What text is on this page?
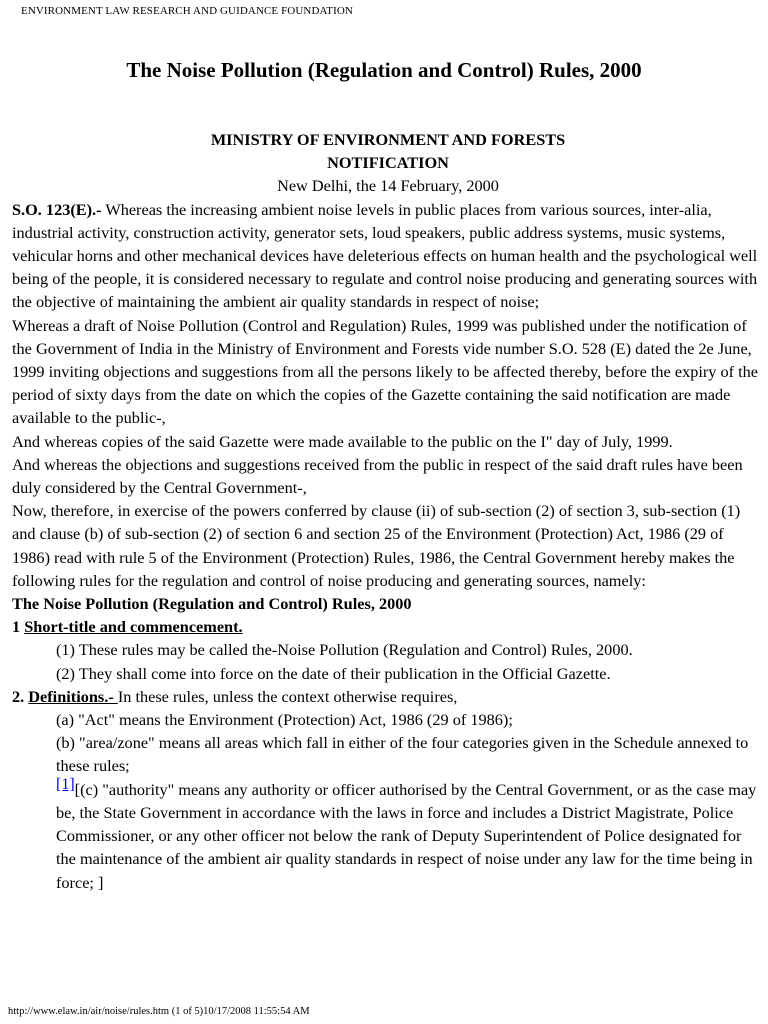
ENVIRONMENT LAW RESEARCH AND GUIDANCE FOUNDATION
The Noise Pollution (Regulation and Control) Rules, 2000

MINISTRY OF ENVIRONMENT AND FORESTS

NOTIFICATION

New Delhi, the 14 February, 2000

S.O. 123(E).- Whereas the increasing ambient noise levels in public places from various sources, inter-alia, industrial activity, construction activity, generator sets, loud speakers, public address systems, music systems, vehicular horns and other mechanical devices have deleterious effects on human health and the psychological well being of the people, it is considered necessary to regulate and control noise producing and generating sources with the objective of maintaining the ambient air quality standards in respect of noise;

Whereas a draft of Noise Pollution (Control and Regulation) Rules, 1999 was published under the notification of the Government of India in the Ministry of Environment and Forests vide number S.O. 528 (E) dated the 2e June, 1999 inviting objections and suggestions from all the persons likely to be affected thereby, before the expiry of the period of sixty days from the date on which the copies of the Gazette containing the said notification are made available to the public-,

And whereas copies of the said Gazette were made available to the public on the I" day of July, 1999.

And whereas the objections and suggestions received from the public in respect of the said draft rules have been duly considered by the Central Government-,

Now, therefore, in exercise of the powers conferred by clause (ii) of sub-section (2) of section 3, sub-section (1) and clause (b) of sub-section (2) of section 6 and section 25 of the Environment (Protection) Act, 1986 (29 of 1986) read with rule 5 of the Environment (Protection) Rules, 1986, the Central Government hereby makes the following rules for the regulation and control of noise producing and generating sources, namely:

The Noise Pollution (Regulation and Control) Rules, 2000

1 Short-title and commencement.

(1) These rules may be called the-Noise Pollution (Regulation and Control) Rules, 2000.

(2) They shall come into force on the date of their publication in the Official Gazette.

2. Definitions.- In these rules, unless the context otherwise requires,

(a) "Act" means the Environment (Protection) Act, 1986 (29 of 1986);

(b) "area/zone" means all areas which fall in either of the four categories given in the Schedule annexed to these rules;

[1][(c) "authority" means any authority or officer authorised by the Central Government, or as the case may be, the State Government in accordance with the laws in force and includes a District Magistrate, Police Commissioner, or any other officer not below the rank of Deputy Superintendent of Police designated for the maintenance of the ambient air quality standards in respect of noise under any law for the time being in force; ]

http://www.elaw.in/air/noise/rules.htm (1 of 5)10/17/2008 11:55:54 AM
